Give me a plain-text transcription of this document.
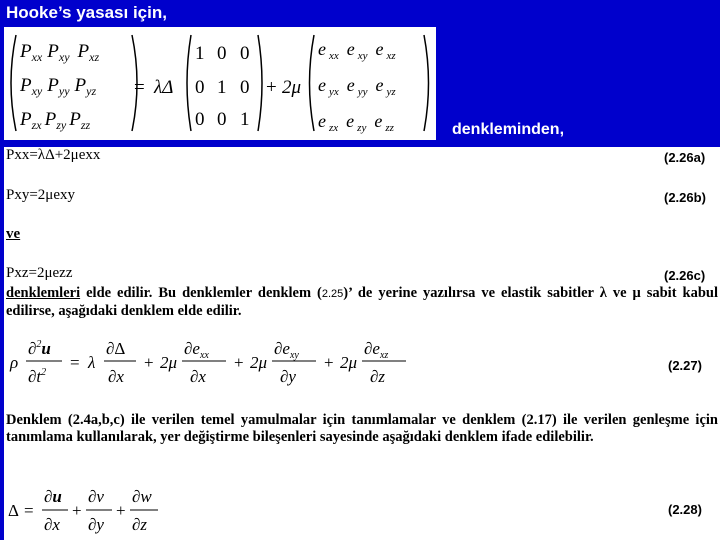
Hooke’s yasası için,
denkleminden,
$P_{xx}$ $P_{xy}$ $P_{xz}$
$P_{xy}$ $P_{yy}$ $P_{yz}$
$P_{zx}$ $P_{zy}$ $P_{zz}$
= λΔ
1 0 0
0 1 0
0 0 1
+ 2μ
e $_{xx}$ e $_{xy}$ e $_{xz}$
e $_{yx}$ e $_{yy}$ e $_{yz}$
e $_{zx}$ e $_{zy}$ e $_{zz}$
Pxx=λΔ+2μexx	(2.26a)
Pxy=2μexy	(2.26b)
ve
Pxz=2μezz	(2.26c)
denklemleri elde edilir. Bu denklemler denklem (2.25)’ de yerine yazılırsa ve elastik sabitler λ ve μ sabit kabul edilirse, aşağıdaki denklem elde edilir.
ρ
∂$^2$u
$\partial t^2$
= λ
∂Δ
∂x
+ 2μ
$\partial e_{xx}$
∂x
+ 2μ
$\partial e_{xy}$
∂y
+ 2μ
$\partial e_{xz}$
∂z
(2.27)
Denklem (2.4a,b,c) ile verilen temel yamulmalar için tanımlamalar ve denklem (2.17) ile verilen genleşme için tanımlama kullanılarak, yer değiştirme bileşenleri sayesinde aşağıdaki denklem ifade edilebilir.
Δ =
∂u
∂x
+
∂v
∂y
+
∂w
∂z
(2.28)
